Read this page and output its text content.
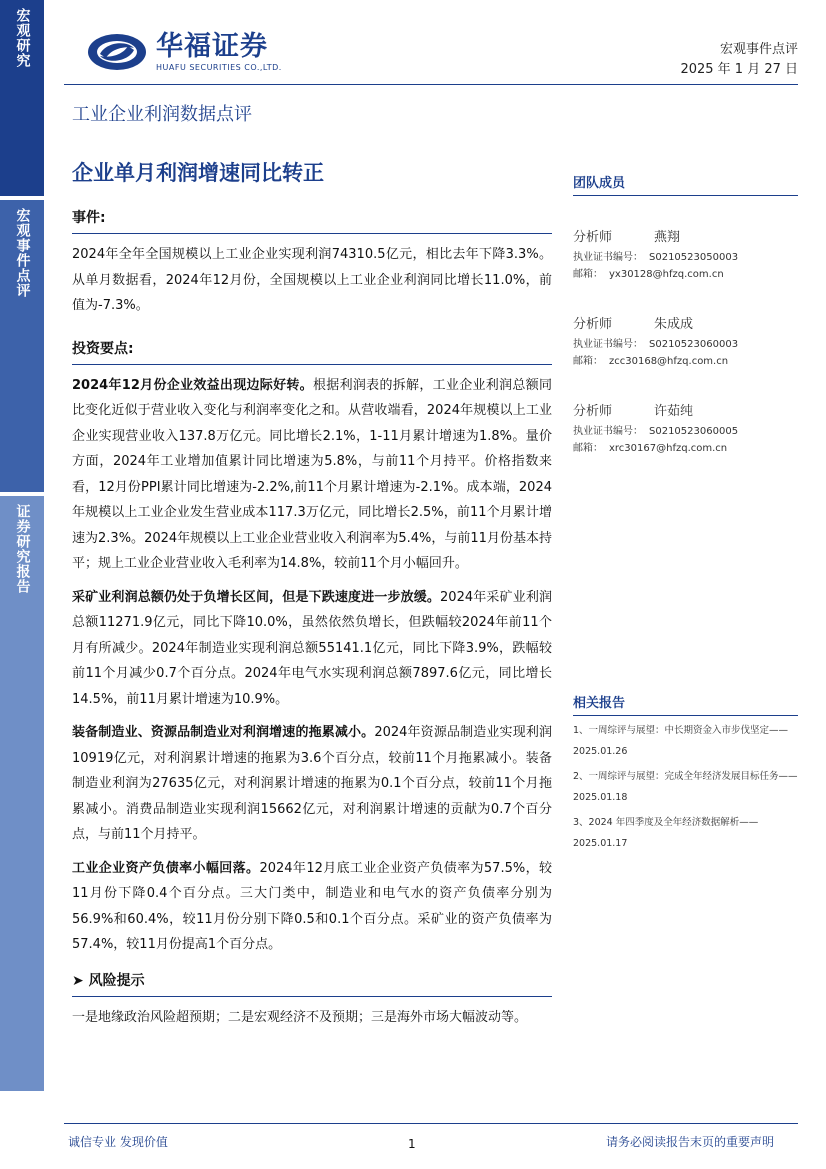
宏观研究
宏观事件点评
证券研究报告
华福证券
HUAFU SECURITIES CO.,LTD.
宏观事件点评
2025 年 1 月 27 日
工业企业利润数据点评
企业单月利润增速同比转正
事件:

2024年全年全国规模以上工业企业实现利润74310.5亿元，相比去年下降3.3%。从单月数据看，2024年12月份，全国规模以上工业企业利润同比增长11.0%，前值为-7.3%。

投资要点:

2024年12月份企业效益出现边际好转。根据利润表的拆解，工业企业利润总额同比变化近似于营业收入变化与利润率变化之和。从营收端看，2024年规模以上工业企业实现营业收入137.8万亿元。同比增长2.1%，1-11月累计增速为1.8%。量价方面，2024年工业增加值累计同比增速为5.8%，与前11个月持平。价格指数来看，12月份PPI累计同比增速为-2.2%,前11个月累计增速为-2.1%。成本端，2024年规模以上工业企业发生营业成本117.3万亿元，同比增长2.5%，前11个月累计增速为2.3%。2024年规模以上工业企业营业收入利润率为5.4%，与前11月份基本持平；规上工业企业营业收入毛利率为14.8%，较前11个月小幅回升。

采矿业利润总额仍处于负增长区间，但是下跌速度进一步放缓。2024年采矿业利润总额11271.9亿元，同比下降10.0%，虽然依然负增长，但跌幅较2024年前11个月有所减少。2024年制造业实现利润总额55141.1亿元，同比下降3.9%，跌幅较前11个月减少0.7个百分点。2024年电气水实现利润总额7897.6亿元，同比增长14.5%，前11月累计增速为10.9%。

装备制造业、资源品制造业对利润增速的拖累减小。2024年资源品制造业实现利润10919亿元，对利润累计增速的拖累为3.6个百分点，较前11个月拖累减小。装备制造业利润为27635亿元，对利润累计增速的拖累为0.1个百分点，较前11个月拖累减小。消费品制造业实现利润15662亿元，对利润累计增速的贡献为0.7个百分点，与前11个月持平。

工业企业资产负债率小幅回落。2024年12月底工业企业资产负债率为57.5%，较11月份下降0.4个百分点。三大门类中，制造业和电气水的资产负债率分别为56.9%和60.4%，较11月份分别下降0.5和0.1个百分点。采矿业的资产负债率为57.4%，较11月份提高1个百分点。

➤ 风险提示

一是地缘政治风险超预期；二是宏观经济不及预期；三是海外市场大幅波动等。

团队成员
分析师	燕翔
执业证书编号： S0210523050003
邮箱： yx30128@hfzq.com.cn
分析师	朱成成
执业证书编号： S0210523060003
邮箱： zcc30168@hfzq.com.cn
分析师	许茹纯
执业证书编号： S0210523060005
邮箱： xrc30167@hfzq.com.cn
相关报告
1、一周综评与展望：中长期资金入市步伐坚定——2025.01.26
2、一周综评与展望：完成全年经济发展目标任务——2025.01.18
3、2024 年四季度及全年经济数据解析——2025.01.17
诚信专业 发现价值	1	请务必阅读报告末页的重要声明
